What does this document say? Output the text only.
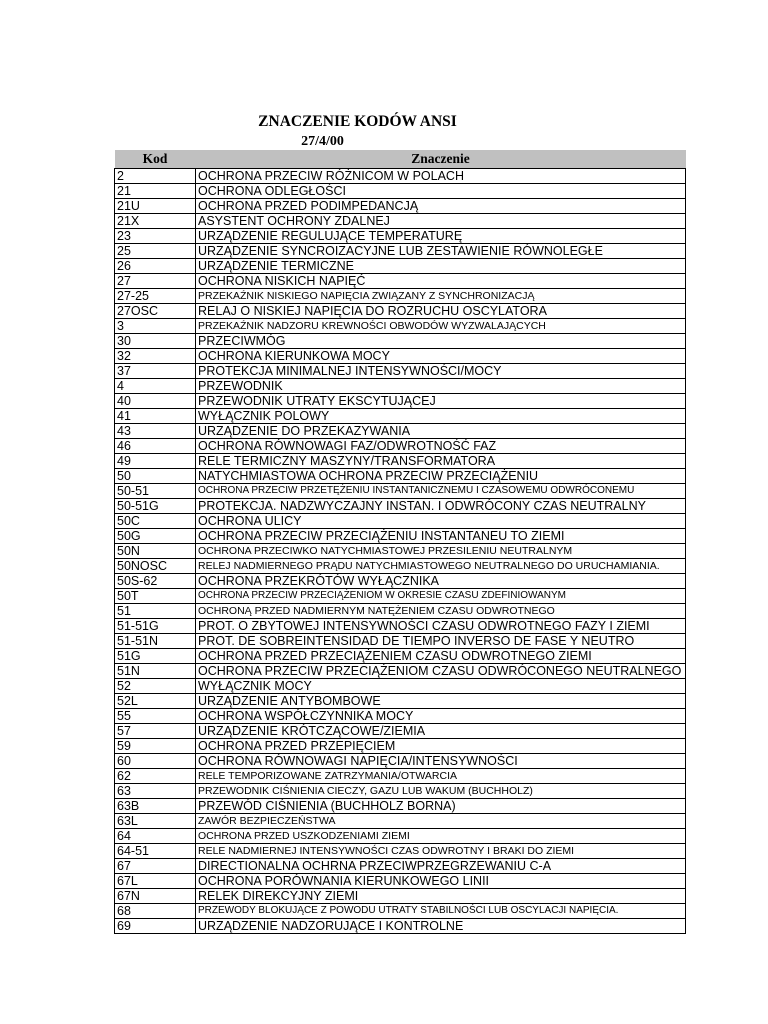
ZNACZENIE KODÓW ANSI
27/4/00
Kod	Znaczenie
2	OCHRONA PRZECIW RÓŻNICOM W POLACH
21	OCHRONA ODLEGŁOŚCI
21U	OCHRONA PRZED PODIMPEDANCJĄ
21X	ASYSTENT OCHRONY ZDALNEJ
23	URZĄDZENIE REGULUJĄCE TEMPERATURĘ
25	URZĄDZENIE SYNCROIZACYJNE LUB ZESTAWIENIE RÓWNOLEGŁE
26	URZĄDZENIE TERMICZNE
27	OCHRONA NISKICH NAPIĘĆ
27-25	PRZEKAŹNIK NISKIEGO NAPIĘCIA ZWIĄZANY Z SYNCHRONIZACJĄ
27OSC	RELAJ O NISKIEJ NAPIĘCIA DO ROZRUCHU OSCYLATORA
3	PRZEKAŹNIK NADZORU KREWNOŚCI OBWODÓW WYZWALAJĄCYCH
30	PRZECIWMÓG
32	OCHRONA KIERUNKOWA MOCY
37	PROTEKCJA MINIMALNEJ INTENSYWNOŚCI/MOCY
4	PRZEWODNIK
40	PRZEWODNIK UTRATY EKSCYTUJĄCEJ
41	WYŁĄCZNIK POLOWY
43	URZĄDZENIE DO PRZEKAZYWANIA
46	OCHRONA RÓWNOWAGI FAZ/ODWROTNOŚĆ FAZ
49	RELE TERMICZNY MASZYNY/TRANSFORMATORA
50	NATYCHMIASTOWA OCHRONA PRZECIW PRZECIĄŻENIU
50-51	OCHRONA PRZECIW PRZETĘŻENIU INSTANTANICZNEMU I CZASOWEMU ODWRÓCONEMU
50-51G	PROTEKCJA. NADZWYCZAJNY INSTAN. I ODWRÓCONY CZAS NEUTRALNY
50C	OCHRONA ULICY
50G	OCHRONA PRZECIW PRZECIĄŻENIU INSTANTANEU TO ZIEMI
50N	OCHRONA PRZECIWKO NATYCHMIASTOWEJ PRZESILENIU NEUTRALNYM
50NOSC	RELEJ NADMIERNEGO PRĄDU NATYCHMIASTOWEGO NEUTRALNEGO DO URUCHAMIANIA.
50S-62	OCHRONA PRZEKRÓTÓW WYŁĄCZNIKA
50T	OCHRONA PRZECIW PRZECIĄŻENIOM W OKRESIE CZASU ZDEFINIOWANYM
51	OCHRONĄ PRZED NADMIERNYM NATĘŻENIEM CZASU ODWROTNEGO
51-51G	PROT. O ZBYTOWEJ INTENSYWNOŚCI CZASU ODWROTNEGO FAZY I ZIEMI
51-51N	PROT. DE SOBREINTENSIDAD DE TIEMPO INVERSO DE FASE Y NEUTRO
51G	OCHRONA PRZED PRZECIĄŻENIEM CZASU ODWROTNEGO ZIEMI
51N	OCHRONA PRZECIW PRZECIĄŻENIOM CZASU ODWRÓCONEGO NEUTRALNEGO
52	WYŁĄCZNIK MOCY
52L	URZĄDZENIE ANTYBOMBOWE
55	OCHRONA WSPÓŁCZYNNIKA MOCY
57	URZĄDZENIE KRÓTCZĄCOWE/ZIEMIA
59	OCHRONA PRZED PRZEPIĘCIEM
60	OCHRONA RÓWNOWAGI NAPIĘCIA/INTENSYWNOŚCI
62	RELE TEMPORIZOWANE ZATRZYMANIA/OTWARCIA
63	PRZEWODNIK CIŚNIENIA CIECZY, GAZU LUB WAKUM (BUCHHOLZ)
63B	PRZEWÓD CIŚNIENIA (BUCHHOLZ BORNA)
63L	ZAWÓR BEZPIECZEŃSTWA
64	OCHRONA PRZED USZKODZENIAMI ZIEMI
64-51	RELE NADMIERNEJ INTENSYWNOŚCI CZAS ODWROTNY I BRAKI DO ZIEMI
67	DIRECTIONALNA OCHRNA PRZECIWPRZEGRZEWANIU C-A
67L	OCHRONA PORÓWNANIA KIERUNKOWEGO LINII
67N	RELEK DIREKCYJNY ZIEMI
68	PRZEWODY BLOKUJĄCE Z POWODU UTRATY STABILNOŚCI LUB OSCYLACJI NAPIĘCIA.
69	URZĄDZENIE NADZORUJĄCE I KONTROLNE
